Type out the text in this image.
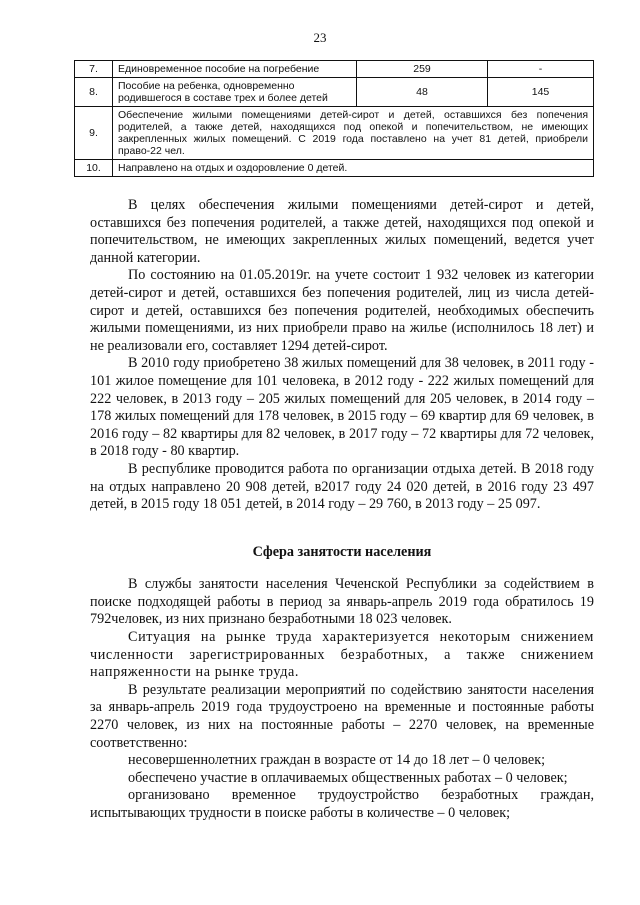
23
7.	Единовременное пособие на погребение	259	-
8.	Пособие на ребенка, одновременно родившегося в составе трех и более детей	48	145
9.	Обеспечение жилыми помещениями детей-сирот и детей, оставшихся без попечения родителей, а также детей, находящихся под опекой и попечительством, не имеющих закрепленных жилых помещений. С 2019 года поставлено на учет 81 детей, приобрели право-22 чел.		
10.	Направлено на отдых и оздоровление 0 детей.		

В целях обеспечения жилыми помещениями детей-сирот и детей, оставшихся без попечения родителей, а также детей, находящихся под опекой и попечительством, не имеющих закрепленных жилых помещений, ведется учет данной категории.

По состоянию на 01.05.2019г. на учете состоит 1 932 человек из категории детей-сирот и детей, оставшихся без попечения родителей, лиц из числа детей-сирот и детей, оставшихся без попечения родителей, необходимых обеспечить жилыми помещениями, из них приобрели право на жилье (исполнилось 18 лет) и не реализовали его, составляет 1294 детей-сирот.

В 2010 году приобретено 38 жилых помещений для 38 человек, в 2011 году - 101 жилое помещение для 101 человека, в 2012 году - 222 жилых помещений для 222 человек, в 2013 году – 205 жилых помещений для 205 человек, в 2014 году – 178 жилых помещений для 178 человек, в 2015 году – 69 квартир для 69 человек, в 2016 году – 82 квартиры для 82 человек, в 2017 году – 72 квартиры для 72 человек, в 2018 году - 80 квартир.

В республике проводится работа по организации отдыха детей. В 2018 году на отдых направлено 20 908 детей, в2017 году 24 020 детей, в 2016 году 23 497 детей, в 2015 году 18 051 детей, в 2014 году – 29 760, в 2013 году – 25 097.

Сфера занятости населения

В службы занятости населения Чеченской Республики за содействием в поиске подходящей работы в период за январь-апрель 2019 года обратилось 19 792человек, из них признано безработными 18 023 человек.

Ситуация на рынке труда характеризуется некоторым снижением численности зарегистрированных безработных, а также снижением напряженности на рынке труда.

В результате реализации мероприятий по содействию занятости населения за январь-апрель 2019 года трудоустроено на временные и постоянные работы 2270 человек, из них на постоянные работы – 2270 человек, на временные соответственно:

несовершеннолетних граждан в возрасте от 14 до 18 лет – 0 человек;

обеспечено участие в оплачиваемых общественных работах – 0 человек;

организовано временное трудоустройство безработных граждан, испытывающих трудности в поиске работы в количестве – 0 человек;
